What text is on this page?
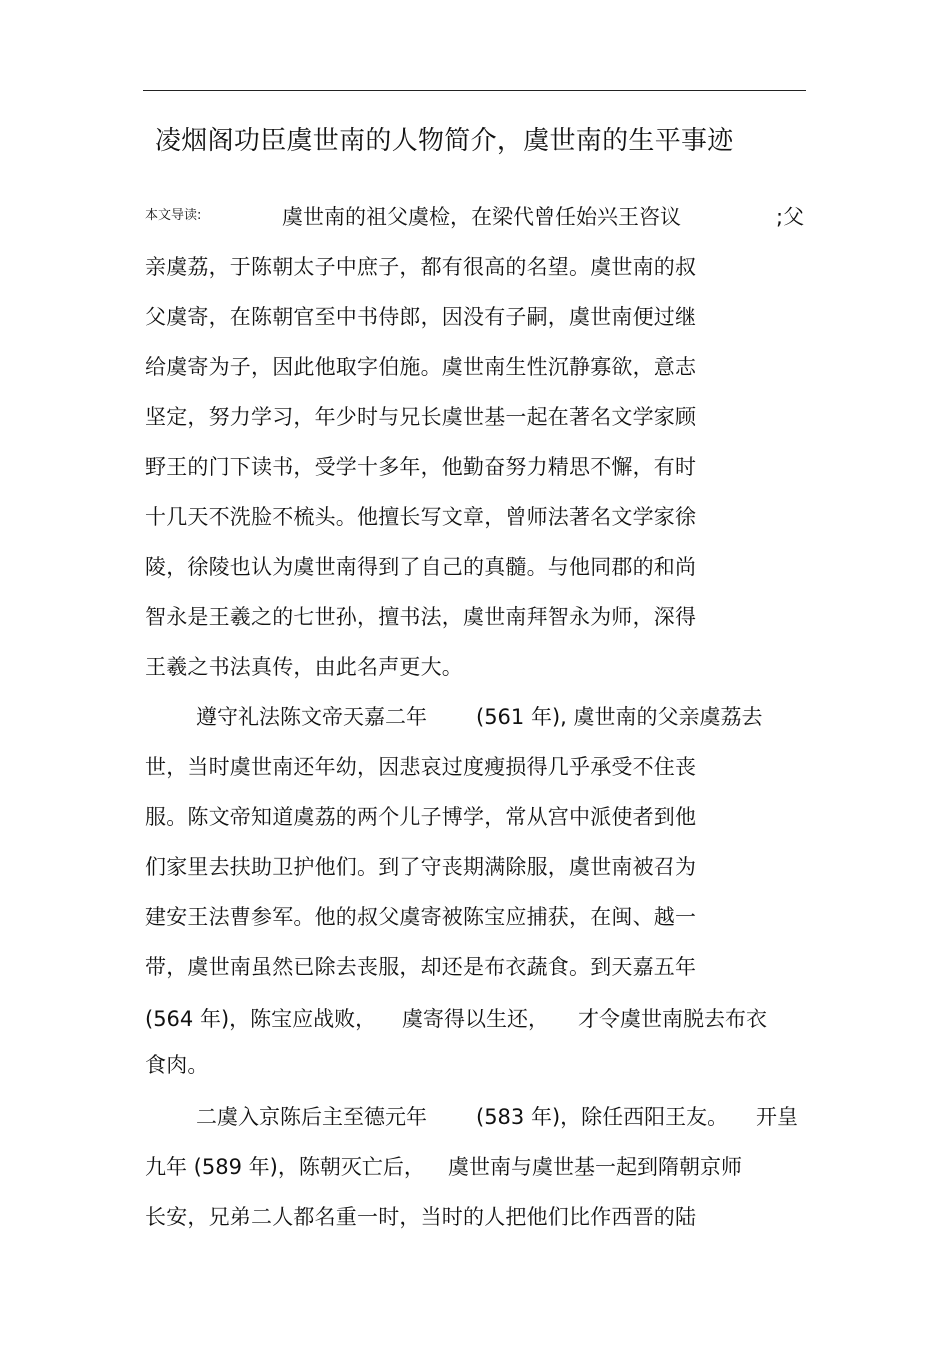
凌烟阁功臣虞世南的人物简介，虞世南的生平事迹
本文导读:	虞世南的祖父虞检，在梁代曾任始兴王咨议	;父
亲虞荔，于陈朝太子中庶子，都有很高的名望。虞世南的叔
父虞寄，在陈朝官至中书侍郎，因没有子嗣，虞世南便过继
给虞寄为子，因此他取字伯施。虞世南生性沉静寡欲，意志
坚定，努力学习，年少时与兄长虞世基一起在著名文学家顾
野王的门下读书，受学十多年，他勤奋努力精思不懈，有时
十几天不洗脸不梳头。他擅长写文章，曾师法著名文学家徐
陵，徐陵也认为虞世南得到了自己的真髓。与他同郡的和尚
智永是王羲之的七世孙，擅书法，虞世南拜智永为师，深得
王羲之书法真传，由此名声更大。
遵守礼法陈文帝天嘉二年 (561 年), 虞世南的父亲虞荔去
世，当时虞世南还年幼，因悲哀过度瘦损得几乎承受不住丧
服。陈文帝知道虞荔的两个儿子博学，常从宫中派使者到他
们家里去扶助卫护他们。到了守丧期满除服，虞世南被召为
建安王法曹参军。他的叔父虞寄被陈宝应捕获，在闽、越一
带，虞世南虽然已除去丧服，却还是布衣蔬食。到天嘉五年
(564 年)，陈宝应战败， 虞寄得以生还， 才令虞世南脱去布衣
食肉。
二虞入京陈后主至德元年 (583 年)，除任西阳王友。 开皇
九年 (589 年)，陈朝灭亡后， 虞世南与虞世基一起到隋朝京师
长安，兄弟二人都名重一时，当时的人把他们比作西晋的陆
